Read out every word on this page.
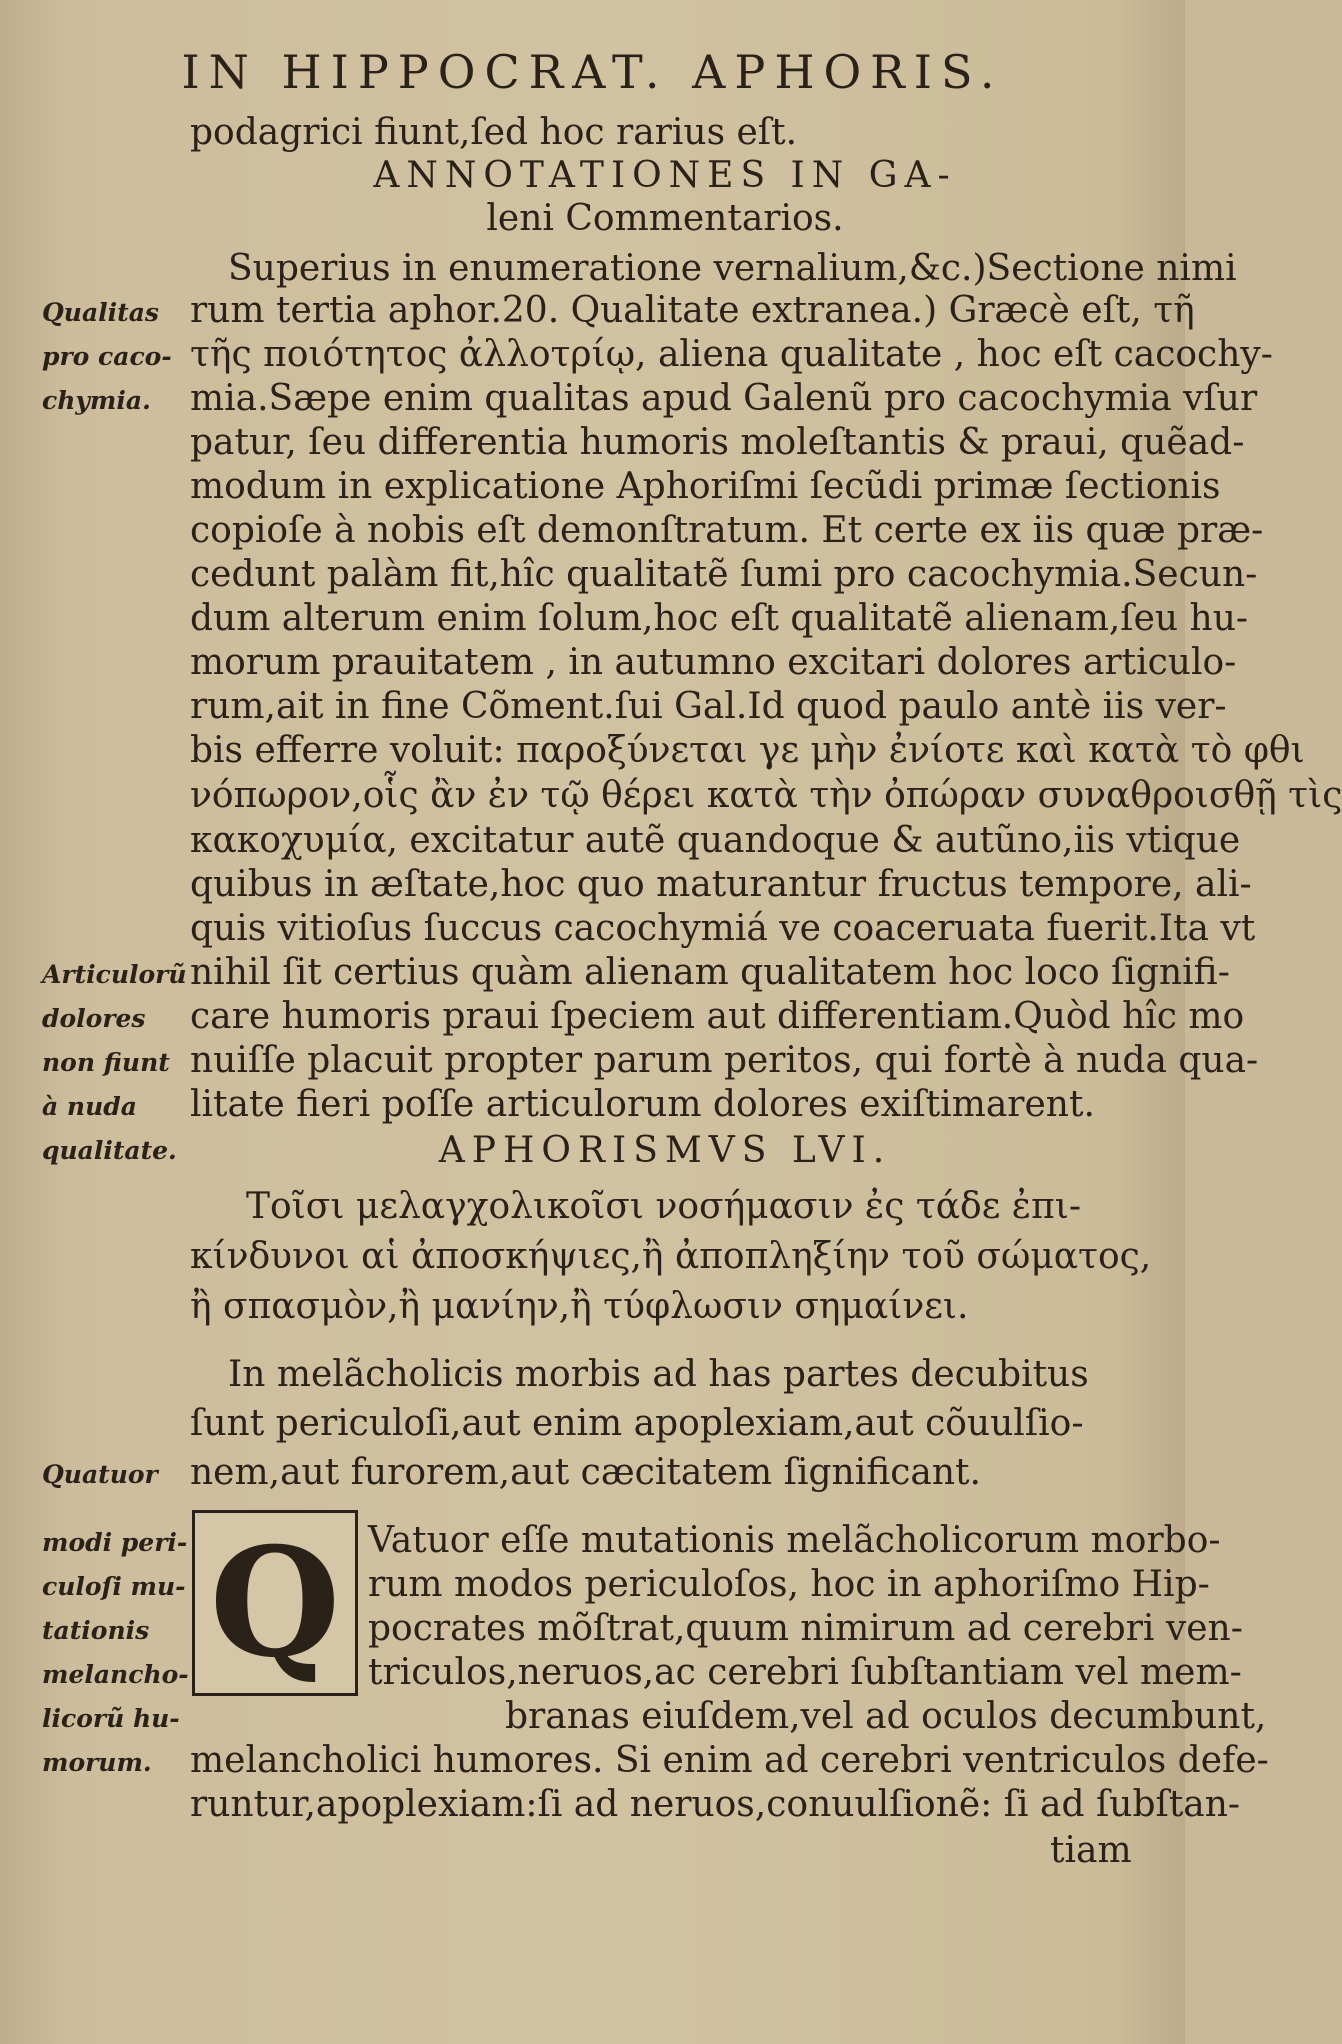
IN HIPPOCRAT. APHORIS.
Q
podagrici fiunt,ſed hoc rarius eſt.
ANNOTATIONES IN GA-
leni Commentarios.
Superius in enumeratione vernalium,&c.)Sectione nimi
rum tertia aphor.20. Qualitate extranea.) Græcè eſt, τῆ
τῆς ποιότητος ἀλλοτρίῳ, aliena qualitate , hoc eſt cacochy-
mia.Sæpe enim qualitas apud Galenũ pro cacochymia vſur
patur, ſeu differentia humoris moleſtantis & praui, quẽad-
modum in explicatione Aphoriſmi ſecũdi primæ ſectionis
copioſe à nobis eſt demonſtratum. Et certe ex iis quæ præ-
cedunt palàm fit,hîc qualitatẽ ſumi pro cacochymia.Secun-
dum alterum enim ſolum,hoc eſt qualitatẽ alienam,ſeu hu-
morum prauitatem , in autumno excitari dolores articulo-
rum,ait in fine Cõment.ſui Gal.Id quod paulo antè iis ver-
bis efferre voluit: παροξύνεται γε μὴν ἐνίοτε καὶ κατὰ τὸ φθι
νόπωρον,οἷς ἂν ἐν τῷ θέρει κατὰ τὴν ὀπώραν συναθροισθῇ τὶς
κακοχυμία, excitatur autẽ quandoque & autũno,iis vtique
quibus in æſtate,hoc quo maturantur fructus tempore, ali-
quis vitioſus ſuccus cacochymiá ve coaceruata fuerit.Ita vt
nihil ſit certius quàm alienam qualitatem hoc loco ſignifi-
care humoris praui ſpeciem aut differentiam.Quòd hîc mo
nuiſſe placuit propter parum peritos, qui fortè à nuda qua-
litate fieri poſſe articulorum dolores exiſtimarent.
APHORISMVS LVI.
Τοῖσι μελαγχολικοῖσι νοσήμασιν ἐς τάδε ἐπι-
κίνδυνοι αἱ ἀποσκήψιες,ἢ ἀποπληξίην τοῦ σώματος,
ἢ σπασμὸν,ἢ μανίην,ἢ τύφλωσιν σημαίνει.
In melãcholicis morbis ad has partes decubitus
ſunt periculoſi,aut enim apoplexiam,aut cõuulſio-
nem,aut furorem,aut cæcitatem ſignificant.
Vatuor eſſe mutationis melãcholicorum morbo-
rum modos periculoſos, hoc in aphoriſmo Hip-
pocrates mõſtrat,quum nimirum ad cerebri ven-
triculos,neruos,ac cerebri ſubſtantiam vel mem-
branas eiuſdem,vel ad oculos decumbunt,
melancholici humores. Si enim ad cerebri ventriculos defe-
runtur,apoplexiam:ſi ad neruos,conuulſionẽ: ſi ad ſubſtan-
tiam
Qualitas
pro caco-
chymia.
Articulorũ
dolores
non fiunt
à nuda
qualitate.
Quatuor
modi peri-
culoſi mu-
tationis
melancho-
licorũ hu-
morum.
